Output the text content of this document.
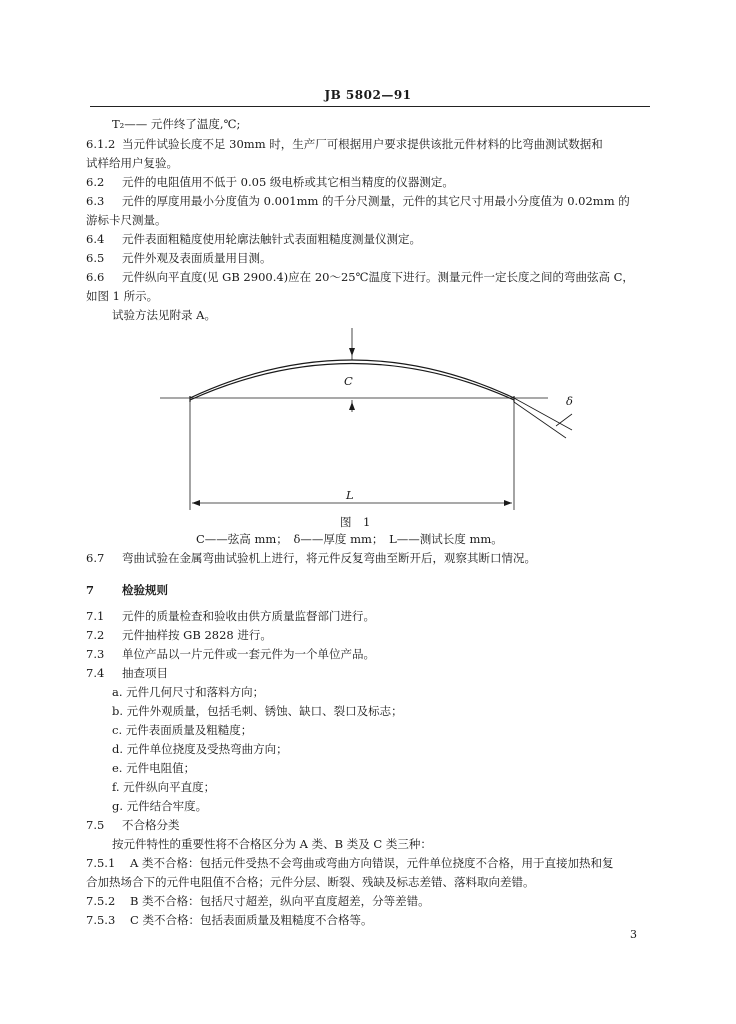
JB 5802—91
T₂—— 元件终了温度,℃;
6.1.2 当元件试验长度不足 30mm 时，生产厂可根据用户要求提供该批元件材料的比弯曲测试数据和
试样给用户复验。
6.2 元件的电阻值用不低于 0.05 级电桥或其它相当精度的仪器测定。
6.3 元件的厚度用最小分度值为 0.001mm 的千分尺测量，元件的其它尺寸用最小分度值为 0.02mm 的
游标卡尺测量。
6.4 元件表面粗糙度使用轮廓法触针式表面粗糙度测量仪测定。
6.5 元件外观及表面质量用目测。
6.6 元件纵向平直度(见 GB 2900.4)应在 20～25℃温度下进行。测量元件一定长度之间的弯曲弦高 C，
如图 1 所示。
试验方法见附录 A。
C
δ
L
图　1
C——弦高 mm；　δ——厚度 mm；　L——测试长度 mm。
6.7 弯曲试验在金属弯曲试验机上进行，将元件反复弯曲至断开后，观察其断口情况。
7 检验规则
7.1 元件的质量检查和验收由供方质量监督部门进行。
7.2 元件抽样按 GB 2828 进行。
7.3 单位产品以一片元件或一套元件为一个单位产品。
7.4 抽查项目
a. 元件几何尺寸和落料方向；
b. 元件外观质量，包括毛刺、锈蚀、缺口、裂口及标志；
c. 元件表面质量及粗糙度；
d. 元件单位挠度及受热弯曲方向；
e. 元件电阻值；
f. 元件纵向平直度；
g. 元件结合牢度。
7.5 不合格分类
按元件特性的重要性将不合格区分为 A 类、B 类及 C 类三种：
7.5.1 A 类不合格：包括元件受热不会弯曲或弯曲方向错误，元件单位挠度不合格，用于直接加热和复
合加热场合下的元件电阻值不合格；元件分层、断裂、残缺及标志差错、落料取向差错。
7.5.2 B 类不合格：包括尺寸超差，纵向平直度超差，分等差错。
7.5.3 C 类不合格：包括表面质量及粗糙度不合格等。
3
